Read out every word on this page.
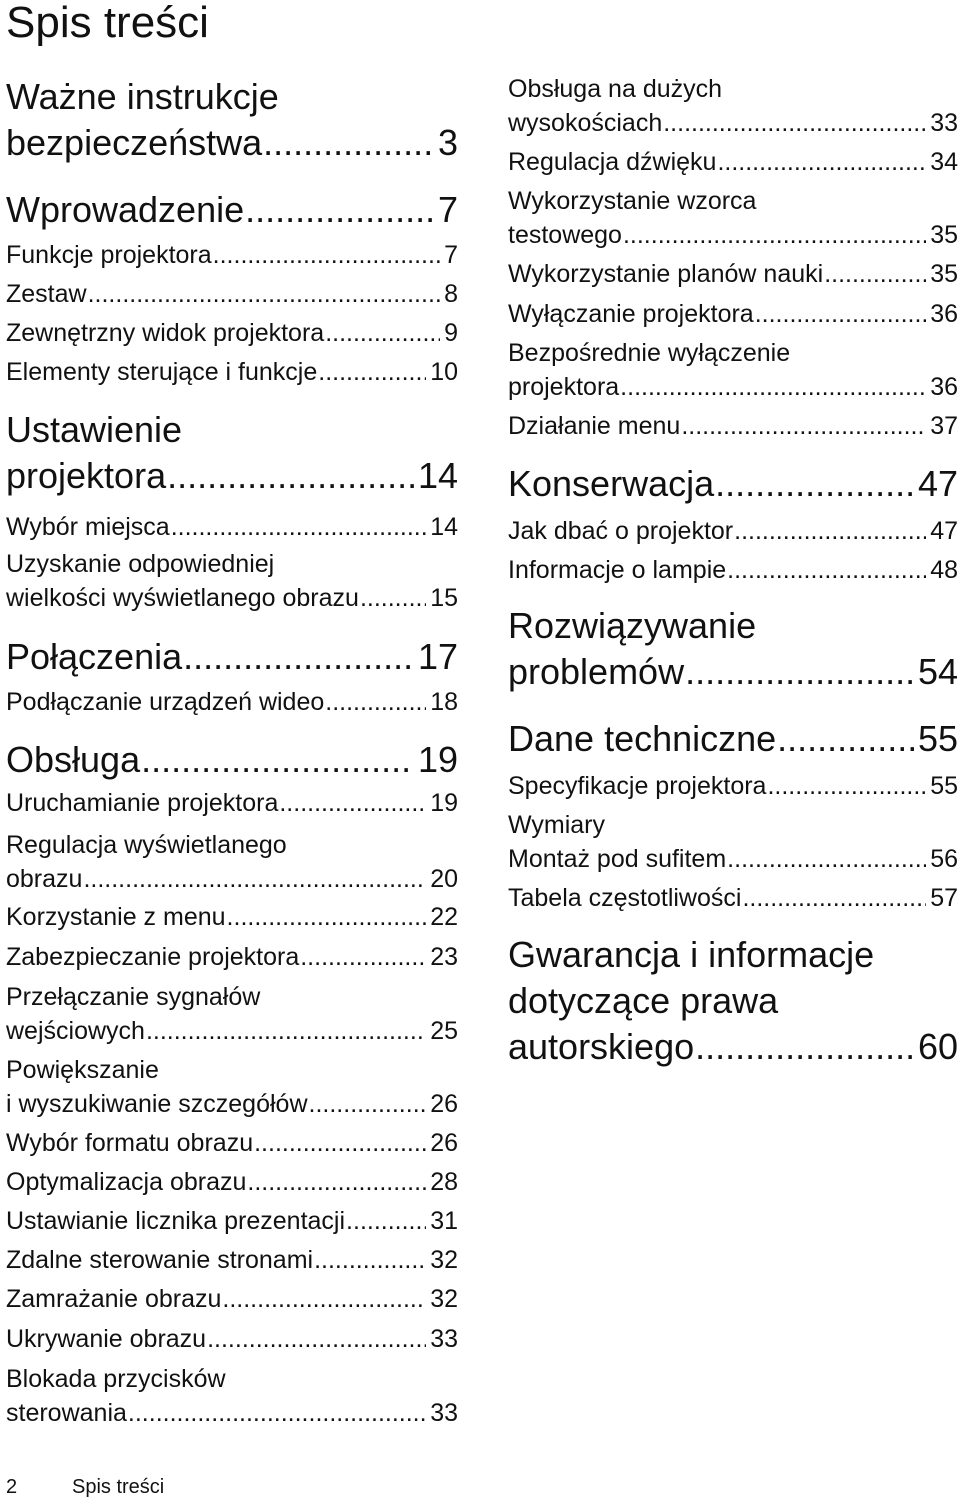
Spis treści
Ważne instrukcje
bezpieczeństwa .....	3
Wprowadzenie .....	7
Funkcje projektora .....	7
Zestaw .....	8
Zewnętrzny widok projektora .....	9
Elementy sterujące i funkcje .....	10
Ustawienie
projektora .....	14
Wybór miejsca .....	14
Uzyskanie odpowiedniej
wielkości wyświetlanego obrazu .....	15
Połączenia .....	17
Podłączanie urządzeń wideo .....	18
Obsługa .....	19
Uruchamianie projektora .....	19
Regulacja wyświetlanego
obrazu .....	20
Korzystanie z menu .....	22
Zabezpieczanie projektora .....	23
Przełączanie sygnałów
wejściowych .....	25
Powiększanie
i wyszukiwanie szczegółów .....	26
Wybór formatu obrazu .....	26
Optymalizacja obrazu .....	28
Ustawianie licznika prezentacji .....	31
Zdalne sterowanie stronami .....	32
Zamrażanie obrazu .....	32
Ukrywanie obrazu .....	33
Blokada przycisków
sterowania .....	33
Obsługa na dużych
wysokościach .....	33
Regulacja dźwięku .....	34
Wykorzystanie wzorca
testowego .....	35
Wykorzystanie planów nauki .....	35
Wyłączanie projektora .....	36
Bezpośrednie wyłączenie
projektora .....	36
Działanie menu .....	37
Konserwacja .....	47
Jak dbać o projektor .....	47
Informacje o lampie .....	48
Rozwiązywanie
problemów .....	54
Dane techniczne .....	55
Specyfikacje projektora .....	55
Wymiary
Montaż pod sufitem .....	56
Tabela częstotliwości .....	57
Gwarancja i informacje
dotyczące prawa
autorskiego .....	60
2	Spis treści
